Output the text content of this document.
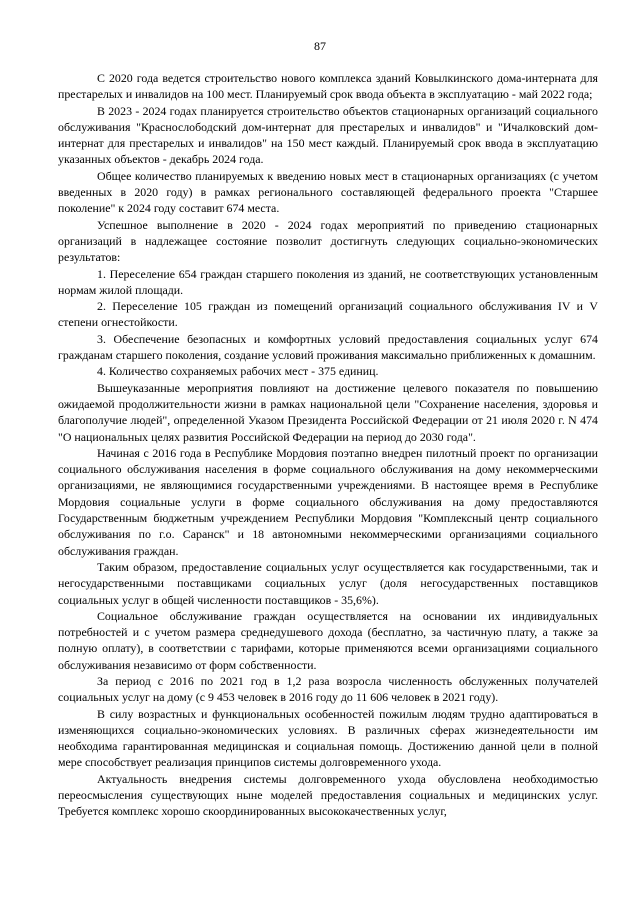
87

С 2020 года ведется строительство нового комплекса зданий Ковылкинского дома-интерната для престарелых и инвалидов на 100 мест. Планируемый срок ввода объекта в эксплуатацию - май 2022 года;

В 2023 - 2024 годах планируется строительство объектов стационарных организаций социального обслуживания "Краснослободский дом-интернат для престарелых и инвалидов" и "Ичалковский дом-интернат для престарелых и инвалидов" на 150 мест каждый. Планируемый срок ввода в эксплуатацию указанных объектов - декабрь 2024 года.

Общее количество планируемых к введению новых мест в стационарных организациях (с учетом введенных в 2020 году) в рамках регионального составляющей федерального проекта "Старшее поколение" к 2024 году составит 674 места.

Успешное выполнение в 2020 - 2024 годах мероприятий по приведению стационарных организаций в надлежащее состояние позволит достигнуть следующих социально-экономических результатов:

1. Переселение 654 граждан старшего поколения из зданий, не соответствующих установленным нормам жилой площади.

2. Переселение 105 граждан из помещений организаций социального обслуживания IV и V степени огнестойкости.

3. Обеспечение безопасных и комфортных условий предоставления социальных услуг 674 гражданам старшего поколения, создание условий проживания максимально приближенных к домашним.

4. Количество сохраняемых рабочих мест - 375 единиц.

Вышеуказанные мероприятия повлияют на достижение целевого показателя по повышению ожидаемой продолжительности жизни в рамках национальной цели "Сохранение населения, здоровья и благополучие людей", определенной Указом Президента Российской Федерации от 21 июля 2020 г. N 474 "О национальных целях развития Российской Федерации на период до 2030 года".

Начиная с 2016 года в Республике Мордовия поэтапно внедрен пилотный проект по организации социального обслуживания населения в форме социального обслуживания на дому некоммерческими организациями, не являющимися государственными учреждениями. В настоящее время в Республике Мордовия социальные услуги в форме социального обслуживания на дому предоставляются Государственным бюджетным учреждением Республики Мордовия "Комплексный центр социального обслуживания по г.о. Саранск" и 18 автономными некоммерческими организациями социального обслуживания граждан.

Таким образом, предоставление социальных услуг осуществляется как государственными, так и негосударственными поставщиками социальных услуг (доля негосударственных поставщиков социальных услуг в общей численности поставщиков - 35,6%).

Социальное обслуживание граждан осуществляется на основании их индивидуальных потребностей и с учетом размера среднедушевого дохода (бесплатно, за частичную плату, а также за полную оплату), в соответствии с тарифами, которые применяются всеми организациями социального обслуживания независимо от форм собственности.

За период с 2016 по 2021 год в 1,2 раза возросла численность обслуженных получателей социальных услуг на дому (с 9 453 человек в 2016 году до 11 606 человек в 2021 году).

В силу возрастных и функциональных особенностей пожилым людям трудно адаптироваться в изменяющихся социально-экономических условиях. В различных сферах жизнедеятельности им необходима гарантированная медицинская и социальная помощь. Достижению данной цели в полной мере способствует реализация принципов системы долговременного ухода.

Актуальность внедрения системы долговременного ухода обусловлена необходимостью переосмысления существующих ныне моделей предоставления социальных и медицинских услуг. Требуется комплекс хорошо скоординированных высококачественных услуг,
